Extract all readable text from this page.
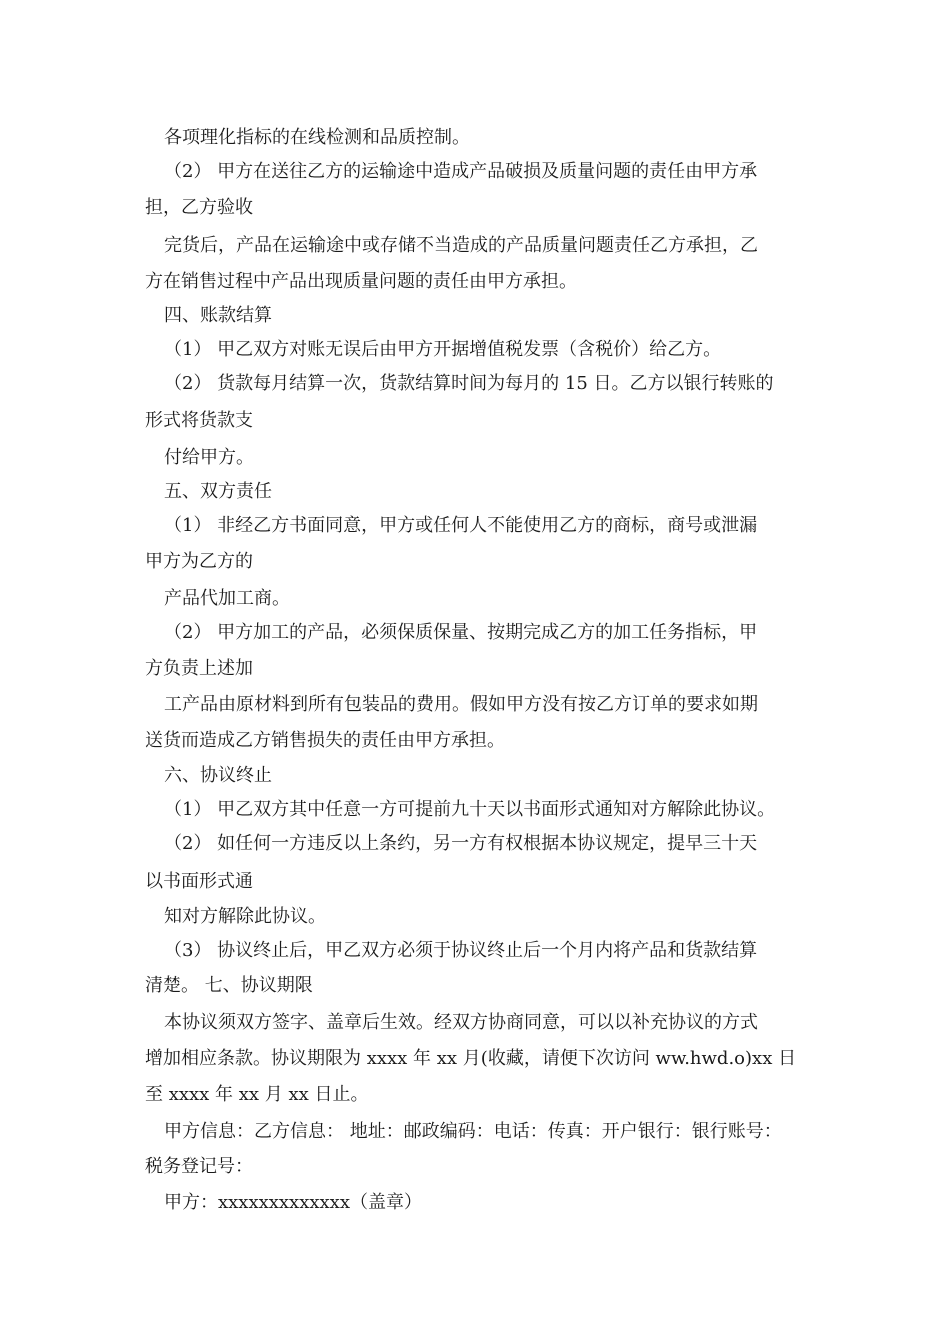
各项理化指标的在线检测和品质控制。
（2） 甲方在送往乙方的运输途中造成产品破损及质量问题的责任由甲方承
担，乙方验收
完货后，产品在运输途中或存储不当造成的产品质量问题责任乙方承担，乙
方在销售过程中产品出现质量问题的责任由甲方承担。
四、账款结算
（1） 甲乙双方对账无误后由甲方开据增值税发票（含税价）给乙方。
（2） 货款每月结算一次，货款结算时间为每月的 15 日。乙方以银行转账的
形式将货款支
付给甲方。
五、双方责任
（1） 非经乙方书面同意，甲方或任何人不能使用乙方的商标，商号或泄漏
甲方为乙方的
产品代加工商。
（2） 甲方加工的产品，必须保质保量、按期完成乙方的加工任务指标，甲
方负责上述加
工产品由原材料到所有包装品的费用。假如甲方没有按乙方订单的要求如期
送货而造成乙方销售损失的责任由甲方承担。
六、协议终止
（1） 甲乙双方其中任意一方可提前九十天以书面形式通知对方解除此协议。
（2） 如任何一方违反以上条约，另一方有权根据本协议规定，提早三十天
以书面形式通
知对方解除此协议。
（3） 协议终止后，甲乙双方必须于协议终止后一个月内将产品和货款结算
清楚。 七、协议期限
本协议须双方签字、盖章后生效。经双方协商同意，可以以补充协议的方式
增加相应条款。协议期限为 xxxx 年 xx 月(收藏，请便下次访问 ww.hwd.o)xx 日
至 xxxx 年 xx 月 xx 日止。
甲方信息：乙方信息： 地址：邮政编码：电话：传真：开户银行：银行账号：
税务登记号：
甲方：xxxxxxxxxxxxx（盖章）
